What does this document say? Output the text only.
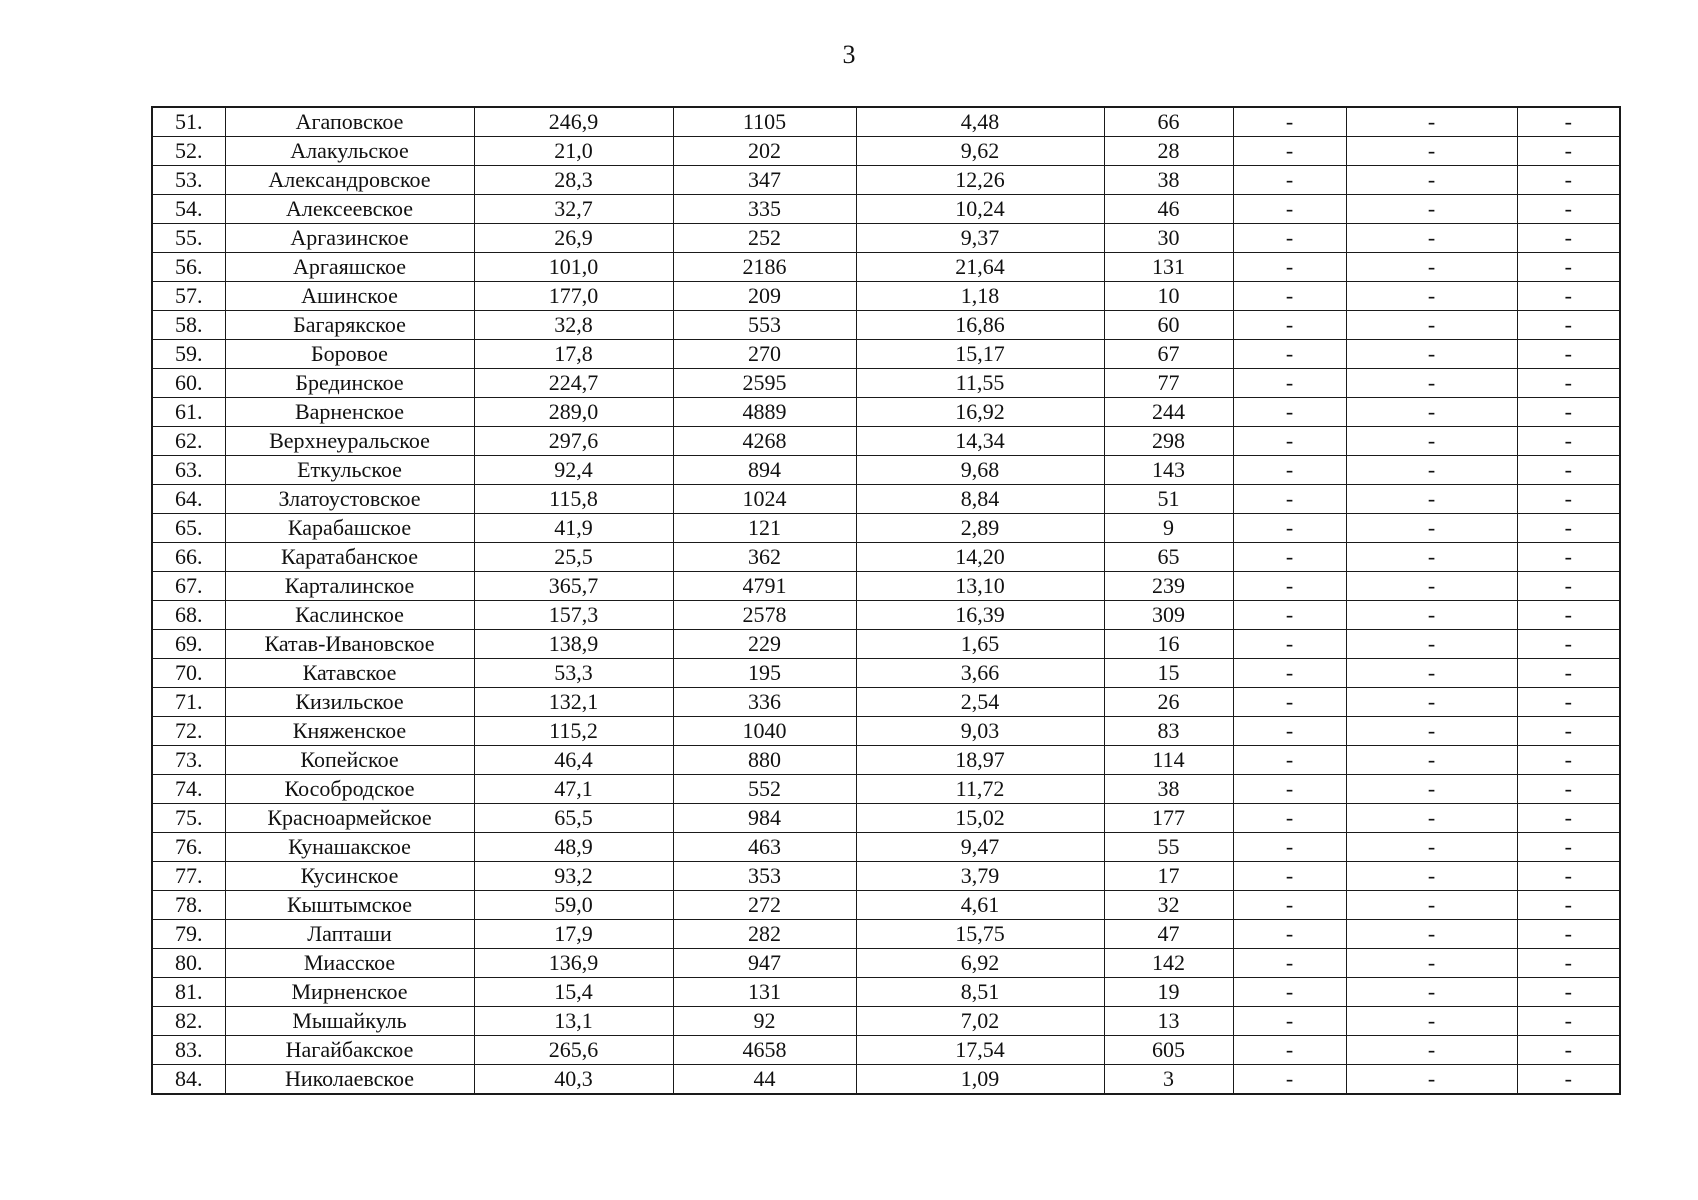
3
51.	Агаповское	246,9	1105	4,48	66	-	-	-
52.	Алакульское	21,0	202	9,62	28	-	-	-
53.	Александровское	28,3	347	12,26	38	-	-	-
54.	Алексеевское	32,7	335	10,24	46	-	-	-
55.	Аргазинское	26,9	252	9,37	30	-	-	-
56.	Аргаяшское	101,0	2186	21,64	131	-	-	-
57.	Ашинское	177,0	209	1,18	10	-	-	-
58.	Багарякское	32,8	553	16,86	60	-	-	-
59.	Боровое	17,8	270	15,17	67	-	-	-
60.	Брединское	224,7	2595	11,55	77	-	-	-
61.	Варненское	289,0	4889	16,92	244	-	-	-
62.	Верхнеуральское	297,6	4268	14,34	298	-	-	-
63.	Еткульское	92,4	894	9,68	143	-	-	-
64.	Златоустовское	115,8	1024	8,84	51	-	-	-
65.	Карабашское	41,9	121	2,89	9	-	-	-
66.	Каратабанское	25,5	362	14,20	65	-	-	-
67.	Карталинское	365,7	4791	13,10	239	-	-	-
68.	Каслинское	157,3	2578	16,39	309	-	-	-
69.	Катав-Ивановское	138,9	229	1,65	16	-	-	-
70.	Катавское	53,3	195	3,66	15	-	-	-
71.	Кизильское	132,1	336	2,54	26	-	-	-
72.	Княженское	115,2	1040	9,03	83	-	-	-
73.	Копейское	46,4	880	18,97	114	-	-	-
74.	Кособродское	47,1	552	11,72	38	-	-	-
75.	Красноармейское	65,5	984	15,02	177	-	-	-
76.	Кунашакское	48,9	463	9,47	55	-	-	-
77.	Кусинское	93,2	353	3,79	17	-	-	-
78.	Кыштымское	59,0	272	4,61	32	-	-	-
79.	Лапташи	17,9	282	15,75	47	-	-	-
80.	Миасское	136,9	947	6,92	142	-	-	-
81.	Мирненское	15,4	131	8,51	19	-	-	-
82.	Мышайкуль	13,1	92	7,02	13	-	-	-
83.	Нагайбакское	265,6	4658	17,54	605	-	-	-
84.	Николаевское	40,3	44	1,09	3	-	-	-
